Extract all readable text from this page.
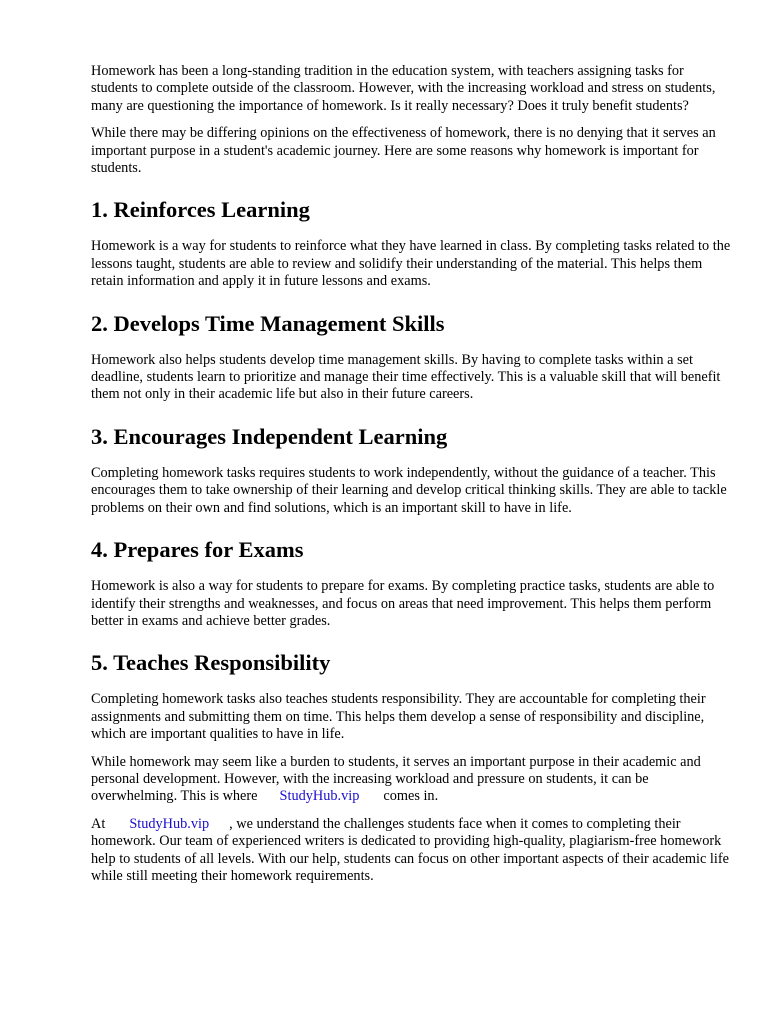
Homework has been a long-standing tradition in the education system, with teachers assigning tasks for students to complete outside of the classroom. However, with the increasing workload and stress on students, many are questioning the importance of homework. Is it really necessary? Does it truly benefit students?

While there may be differing opinions on the effectiveness of homework, there is no denying that it serves an important purpose in a student's academic journey. Here are some reasons why homework is important for students.

1. Reinforces Learning

Homework is a way for students to reinforce what they have learned in class. By completing tasks related to the lessons taught, students are able to review and solidify their understanding of the material. This helps them retain information and apply it in future lessons and exams.

2. Develops Time Management Skills

Homework also helps students develop time management skills. By having to complete tasks within a set deadline, students learn to prioritize and manage their time effectively. This is a valuable skill that will benefit them not only in their academic life but also in their future careers.

3. Encourages Independent Learning

Completing homework tasks requires students to work independently, without the guidance of a teacher. This encourages them to take ownership of their learning and develop critical thinking skills. They are able to tackle problems on their own and find solutions, which is an important skill to have in life.

4. Prepares for Exams

Homework is also a way for students to prepare for exams. By completing practice tasks, students are able to identify their strengths and weaknesses, and focus on areas that need improvement. This helps them perform better in exams and achieve better grades.

5. Teaches Responsibility

Completing homework tasks also teaches students responsibility. They are accountable for completing their assignments and submitting them on time. This helps them develop a sense of responsibility and discipline, which are important qualities to have in life.

While homework may seem like a burden to students, it serves an important purpose in their academic and personal development. However, with the increasing workload and pressure on students, it can be overwhelming. This is where StudyHub.vip comes in.

At StudyHub.vip , we understand the challenges students face when it comes to completing their homework. Our team of experienced writers is dedicated to providing high-quality, plagiarism-free homework help to students of all levels. With our help, students can focus on other important aspects of their academic life while still meeting their homework requirements.
